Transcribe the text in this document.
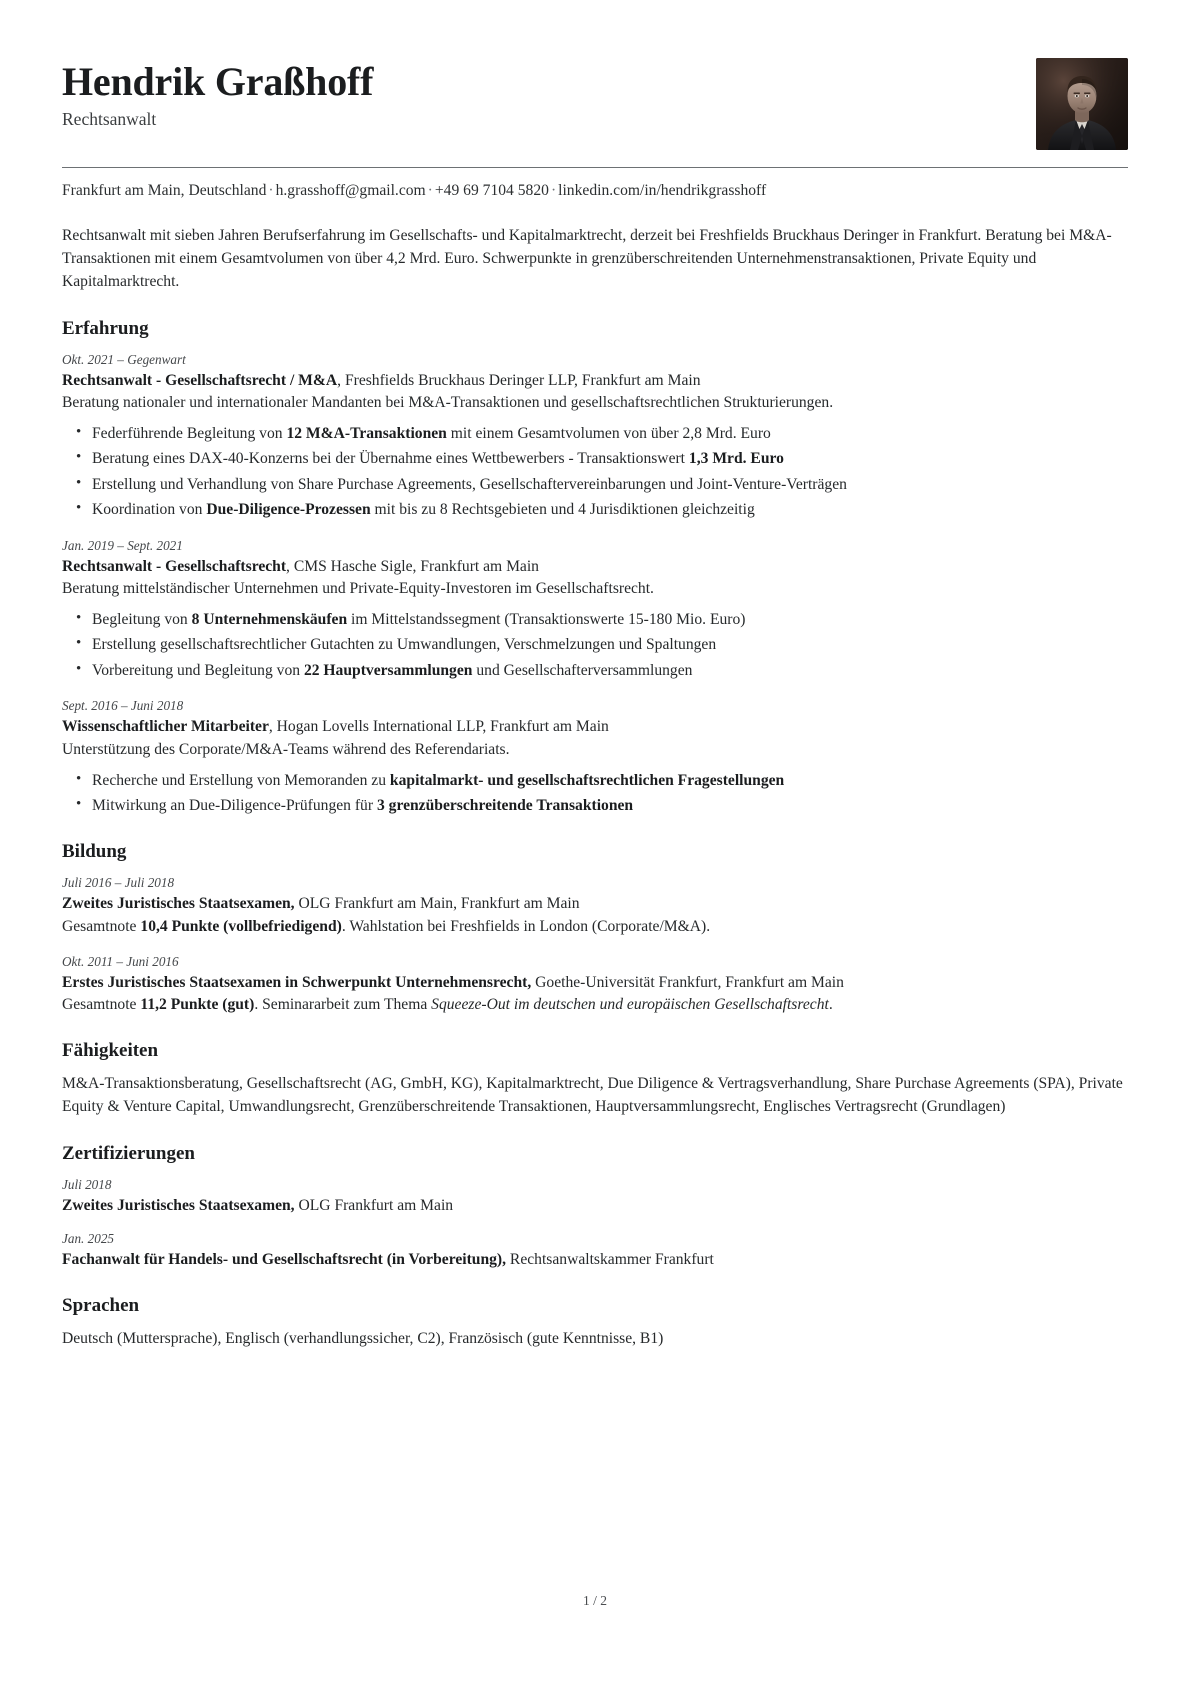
Hendrik Graßhoff
Rechtsanwalt
Frankfurt am Main, Deutschland · h.grasshoff@gmail.com · +49 69 7104 5820 · linkedin.com/in/hendrikgrasshoff

Rechtsanwalt mit sieben Jahren Berufserfahrung im Gesellschafts- und Kapitalmarktrecht, derzeit bei Freshfields Bruckhaus Deringer in Frankfurt. Beratung bei M&A-Transaktionen mit einem Gesamtvolumen von über 4,2 Mrd. Euro. Schwerpunkte in grenzüberschreitenden Unternehmenstransaktionen, Private Equity und Kapitalmarktrecht.

Erfahrung
Okt. 2021 – Gegenwart
Rechtsanwalt - Gesellschaftsrecht / M&A, Freshfields Bruckhaus Deringer LLP, Frankfurt am Main
Beratung nationaler und internationaler Mandanten bei M&A-Transaktionen und gesellschaftsrechtlichen Strukturierungen.
• Federführende Begleitung von 12 M&A-Transaktionen mit einem Gesamtvolumen von über 2,8 Mrd. Euro
• Beratung eines DAX-40-Konzerns bei der Übernahme eines Wettbewerbers - Transaktionswert 1,3 Mrd. Euro
• Erstellung und Verhandlung von Share Purchase Agreements, Gesellschaftervereinbarungen und Joint-Venture-Verträgen
• Koordination von Due-Diligence-Prozessen mit bis zu 8 Rechtsgebieten und 4 Jurisdiktionen gleichzeitig
Jan. 2019 – Sept. 2021
Rechtsanwalt - Gesellschaftsrecht, CMS Hasche Sigle, Frankfurt am Main
Beratung mittelständischer Unternehmen und Private-Equity-Investoren im Gesellschaftsrecht.
• Begleitung von 8 Unternehmenskäufen im Mittelstandssegment (Transaktionswerte 15-180 Mio. Euro)
• Erstellung gesellschaftsrechtlicher Gutachten zu Umwandlungen, Verschmelzungen und Spaltungen
• Vorbereitung und Begleitung von 22 Hauptversammlungen und Gesellschafterversammlungen
Sept. 2016 – Juni 2018
Wissenschaftlicher Mitarbeiter, Hogan Lovells International LLP, Frankfurt am Main
Unterstützung des Corporate/M&A-Teams während des Referendariats.
• Recherche und Erstellung von Memoranden zu kapitalmarkt- und gesellschaftsrechtlichen Fragestellungen
• Mitwirkung an Due-Diligence-Prüfungen für 3 grenzüberschreitende Transaktionen
Bildung
Juli 2016 – Juli 2018
Zweites Juristisches Staatsexamen, OLG Frankfurt am Main, Frankfurt am Main
Gesamtnote 10,4 Punkte (vollbefriedigend). Wahlstation bei Freshfields in London (Corporate/M&A).
Okt. 2011 – Juni 2016
Erstes Juristisches Staatsexamen in Schwerpunkt Unternehmensrecht, Goethe-Universität Frankfurt, Frankfurt am Main
Gesamtnote 11,2 Punkte (gut). Seminararbeit zum Thema Squeeze-Out im deutschen und europäischen Gesellschaftsrecht.
Fähigkeiten

M&A-Transaktionsberatung, Gesellschaftsrecht (AG, GmbH, KG), Kapitalmarktrecht, Due Diligence & Vertragsverhandlung, Share Purchase Agreements (SPA), Private Equity & Venture Capital, Umwandlungsrecht, Grenzüberschreitende Transaktionen, Hauptversammlungsrecht, Englisches Vertragsrecht (Grundlagen)

Zertifizierungen
Juli 2018
Zweites Juristisches Staatsexamen, OLG Frankfurt am Main
Jan. 2025
Fachanwalt für Handels- und Gesellschaftsrecht (in Vorbereitung), Rechtsanwaltskammer Frankfurt
Sprachen

Deutsch (Muttersprache), Englisch (verhandlungssicher, C2), Französisch (gute Kenntnisse, B1)

1 / 2
